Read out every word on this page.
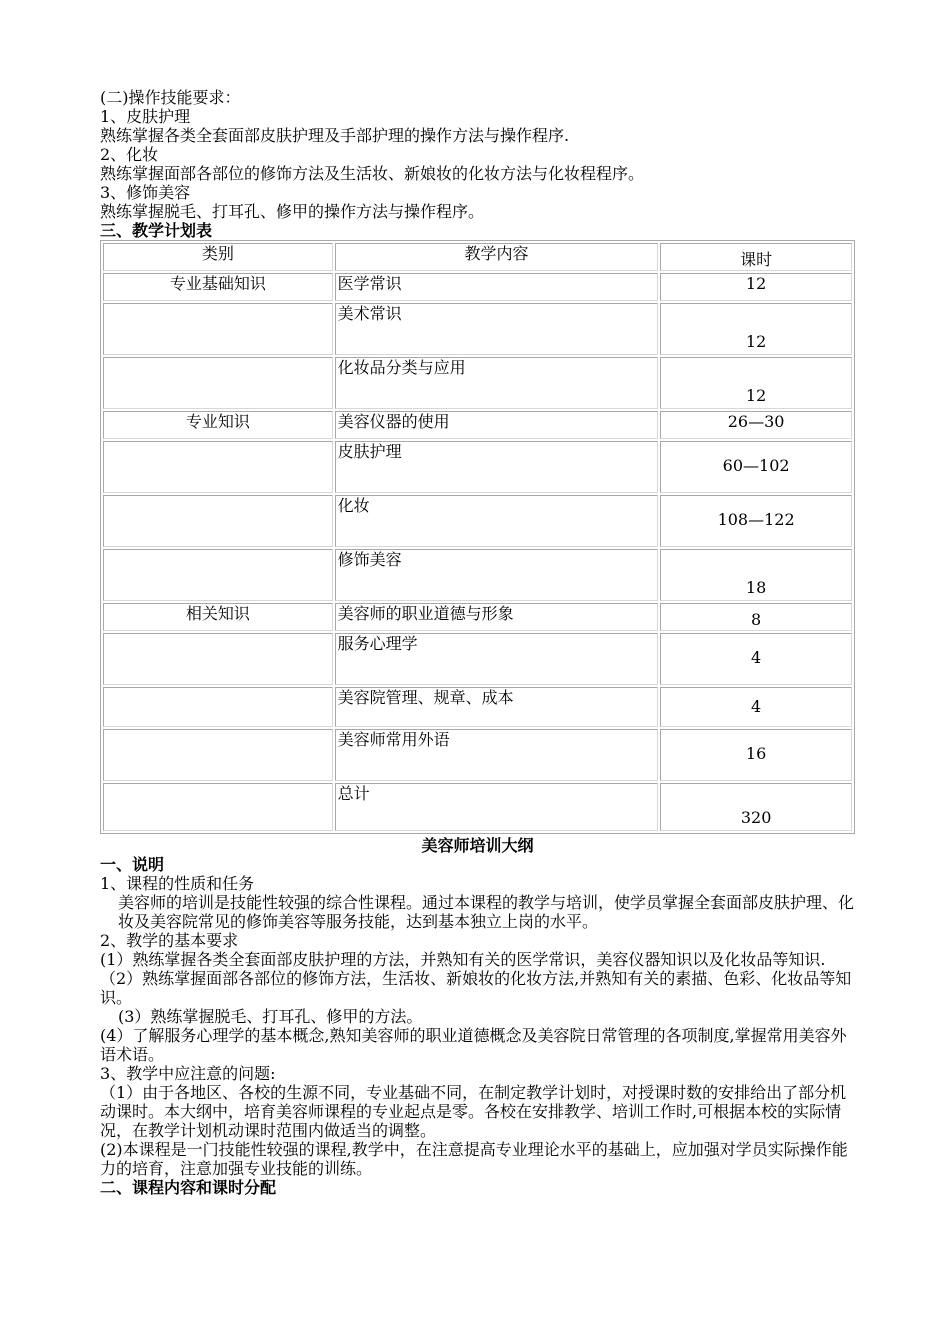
(二)操作技能要求：
1、皮肤护理
熟练掌握各类全套面部皮肤护理及手部护理的操作方法与操作程序.
2、化妆
熟练掌握面部各部位的修饰方法及生活妆、新娘妆的化妆方法与化妆程程序。
3、修饰美容
熟练掌握脱毛、打耳孔、修甲的操作方法与操作程序。
三、教学计划表
类别	教学内容	课时
专业基础知识	医学常识	12
	美术常识	12
	化妆品分类与应用	12
专业知识	美容仪器的使用	26—30
	皮肤护理	60—102
	化妆	108—122
	修饰美容	18
相关知识	美容师的职业道德与形象	8
	服务心理学	4
	美容院管理、规章、成本	4
	美容师常用外语	16
	总计	320
美容师培训大纲
一、说明
1、课程的性质和任务
美容师的培训是技能性较强的综合性课程。通过本课程的教学与培训，使学员掌握全套面部皮肤护理、化妆及美容院常见的修饰美容等服务技能，达到基本独立上岗的水平。
2、教学的基本要求
(1）熟练掌握各类全套面部皮肤护理的方法，并熟知有关的医学常识，美容仪器知识以及化妆品等知识.
（2）熟练掌握面部各部位的修饰方法，生活妆、新娘妆的化妆方法,并熟知有关的素描、色彩、化妆品等知识。
(3）熟练掌握脱毛、打耳孔、修甲的方法。
(4）了解服务心理学的基本概念,熟知美容师的职业道德概念及美容院日常管理的各项制度,掌握常用美容外语术语。
3、教学中应注意的问题:
（1）由于各地区、各校的生源不同，专业基础不同，在制定教学计划时，对授课时数的安排给出了部分机动课时。本大纲中，培育美容师课程的专业起点是零。各校在安排教学、培训工作时,可根据本校的实际情况，在教学计划机动课时范围内做适当的调整。
(2)本课程是一门技能性较强的课程,教学中，在注意提高专业理论水平的基础上，应加强对学员实际操作能力的培育，注意加强专业技能的训练。
二、课程内容和课时分配
